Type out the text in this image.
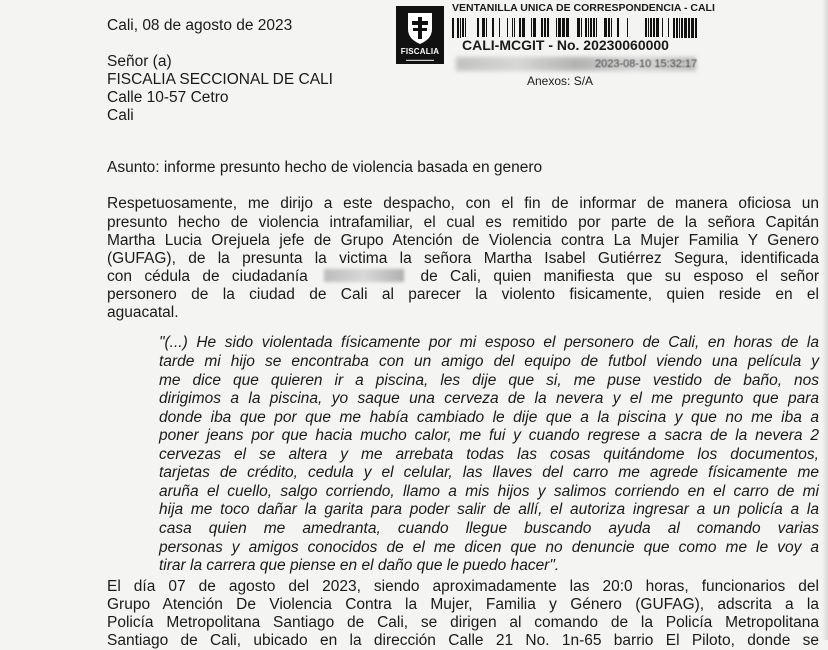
Cali, 08 de agosto de 2023
Señor (a)
FISCALIA SECCIONAL DE CALI
Calle 10-57 Cetro
Cali
FISCALIA
▬▬▬▬▬▬▬
VENTANILLA UNICA DE CORRESPONDENCIA - CALI
CALI-MCGIT - No. 20230060000
2023-08-10 15:32:17
Anexos: S/A
Asunto: informe presunto hecho de violencia basada en genero
Respetuosamente, me dirijo a este despacho, con el fin de informar de manera oficiosa un
presunto hecho de violencia intrafamiliar, el cual es remitido por parte de la señora Capitán
Martha Lucia Orejuela jefe de Grupo Atención de Violencia contra La Mujer Familia Y Genero
(GUFAG), de la presunta la victima la señora Martha Isabel Gutiérrez Segura, identificada
con cédula de ciudadanía	de Cali, quien manifiesta que su esposo el señor
personero de la ciudad de Cali al parecer la violento fisicamente, quien reside en el
aguacatal.
"(...) He sido violentada físicamente por mi esposo el personero de Cali, en horas de la
tarde mi hijo se encontraba con un amigo del equipo de futbol viendo una película y
me dice que quieren ir a piscina, les dije que si, me puse vestido de baño, nos
dirigimos a la piscina, yo saque una cerveza de la nevera y el me pregunto que para
donde iba que por que me había cambiado le dije que a la piscina y que no me iba a
poner jeans por que hacia mucho calor, me fui y cuando regrese a sacra de la nevera 2
cervezas el se altera y me arrebata todas las cosas quitándome los documentos,
tarjetas de crédito, cedula y el celular, las llaves del carro me agrede físicamente me
aruña el cuello, salgo corriendo, llamo a mis hijos y salimos corriendo en el carro de mi
hija me toco dañar la garita para poder salir de allí, el autoriza ingresar a un policía a la
casa quien me amedranta, cuando llegue buscando ayuda al comando varias
personas y amigos conocidos de el me dicen que no denuncie que como me le voy a
tirar la carrera que piense en el daño que le puedo hacer".
El día 07 de agosto del 2023, siendo aproximadamente las 20:0 horas, funcionarios del
Grupo Atención De Violencia Contra la Mujer, Familia y Género (GUFAG), adscrita a la
Policía Metropolitana Santiago de Cali, se dirigen al comando de la Policía Metropolitana
Santiago de Cali, ubicado en la dirección Calle 21 No. 1n-65 barrio El Piloto, donde se
